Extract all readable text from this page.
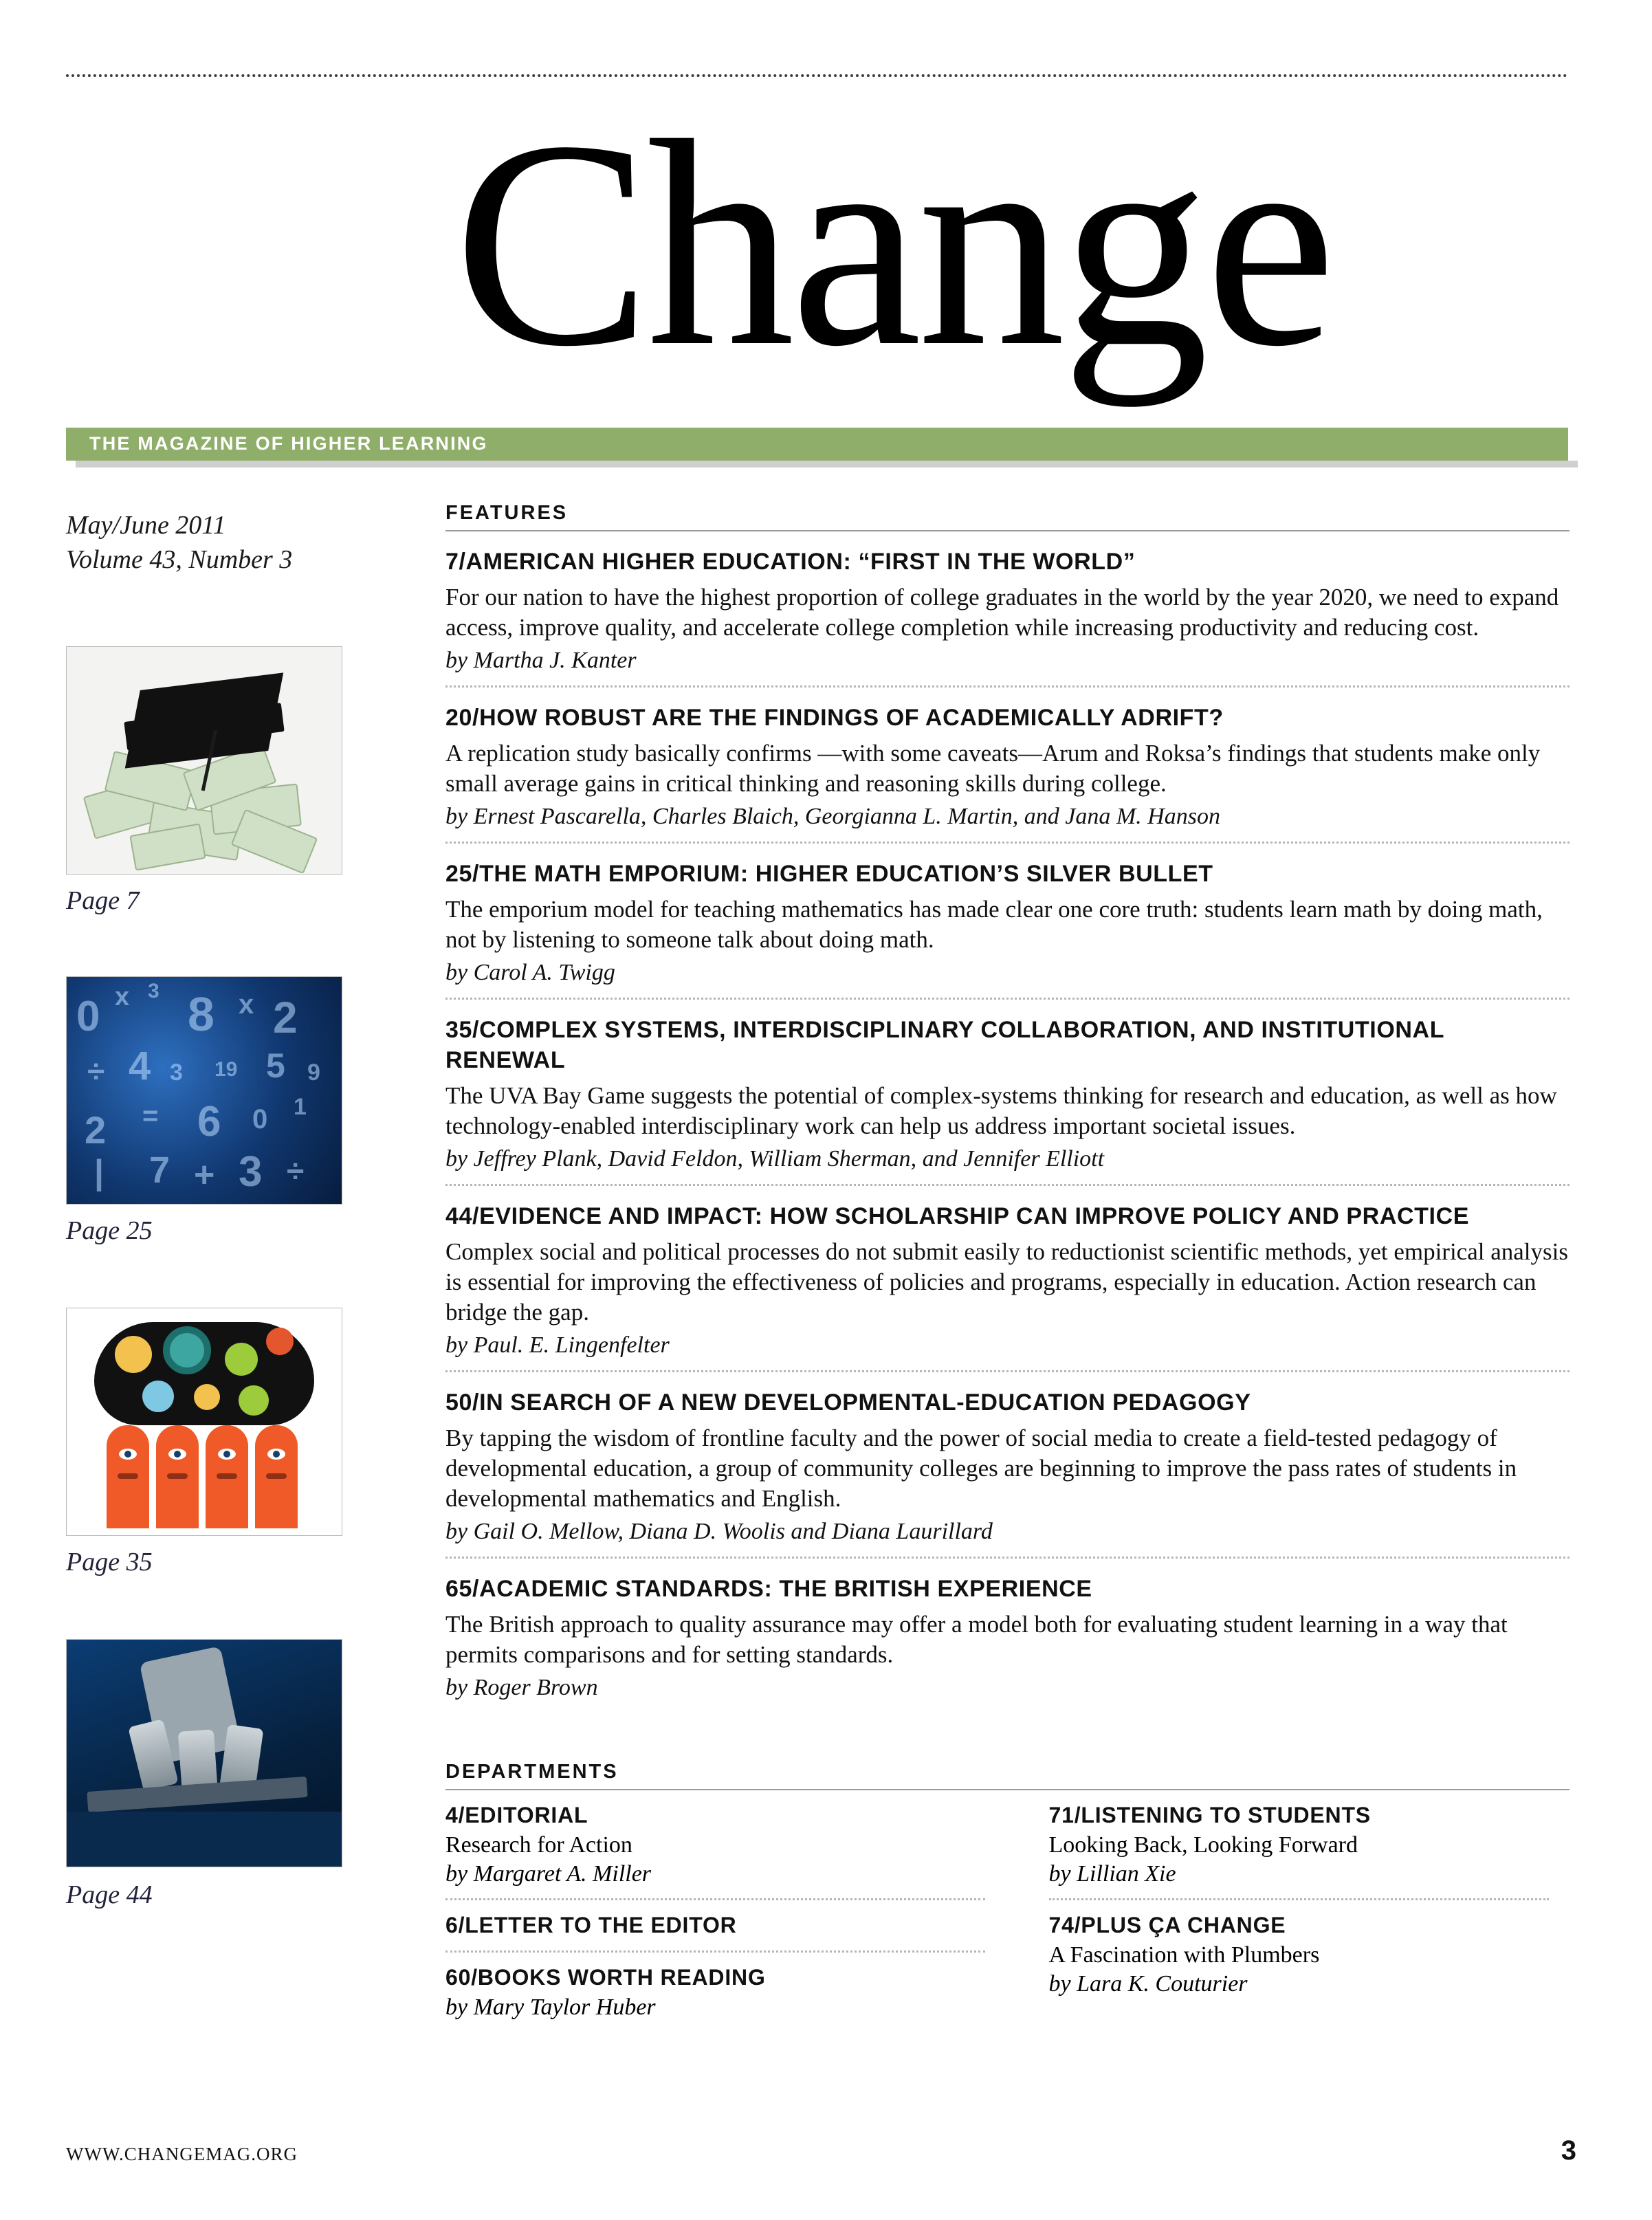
Change
THE MAGAZINE OF HIGHER LEARNING
May/June 2011
Volume 43, Number 3
Page 7
0 x 3 8 x 2
÷ 4 3 19 5 9
2 = 6 0 1
| 7 + 3 ÷
Page 25
Page 35
Page 44
FEATURES
7/AMERICAN HIGHER EDUCATION: “FIRST IN THE WORLD”
For our nation to have the highest proportion of college graduates in the world by the year 2020, we need to expand access, improve quality, and accelerate college completion while increasing productivity and reducing cost.
by Martha J. Kanter
20/HOW ROBUST ARE THE FINDINGS OF ACADEMICALLY ADRIFT?
A replication study basically confirms —with some caveats—Arum and Roksa’s findings that students make only small average gains in critical thinking and reasoning skills during college.
by Ernest Pascarella, Charles Blaich, Georgianna L. Martin, and Jana M. Hanson
25/THE MATH EMPORIUM: HIGHER EDUCATION’S SILVER BULLET
The emporium model for teaching mathematics has made clear one core truth: students learn math by doing math, not by listening to someone talk about doing math.
by Carol A. Twigg
35/COMPLEX SYSTEMS, INTERDISCIPLINARY COLLABORATION, AND INSTITUTIONAL RENEWAL
The UVA Bay Game suggests the potential of complex-systems thinking for research and education, as well as how technology-enabled interdisciplinary work can help us address important societal issues.
by Jeffrey Plank, David Feldon, William Sherman, and Jennifer Elliott
44/EVIDENCE AND IMPACT: HOW SCHOLARSHIP CAN IMPROVE POLICY AND PRACTICE
Complex social and political processes do not submit easily to reductionist scientific methods, yet empirical analysis is essential for improving the effectiveness of policies and programs, especially in education. Action research can bridge the gap.
by Paul. E. Lingenfelter
50/IN SEARCH OF A NEW DEVELOPMENTAL-EDUCATION PEDAGOGY
By tapping the wisdom of frontline faculty and the power of social media to create a field-tested pedagogy of developmental education, a group of community colleges are beginning to improve the pass rates of students in developmental mathematics and English.
by Gail O. Mellow, Diana D. Woolis and Diana Laurillard
65/ACADEMIC STANDARDS: THE BRITISH EXPERIENCE
The British approach to quality assurance may offer a model both for evaluating student learning in a way that permits comparisons and for setting standards.
by Roger Brown
DEPARTMENTS
4/EDITORIAL
Research for Action
by Margaret A. Miller
6/LETTER TO THE EDITOR
60/BOOKS WORTH READING
by Mary Taylor Huber
71/LISTENING TO STUDENTS
Looking Back, Looking Forward
by Lillian Xie
74/PLUS ÇA CHANGE
A Fascination with Plumbers
by Lara K. Couturier
WWW.CHANGEMAG.ORG	3
